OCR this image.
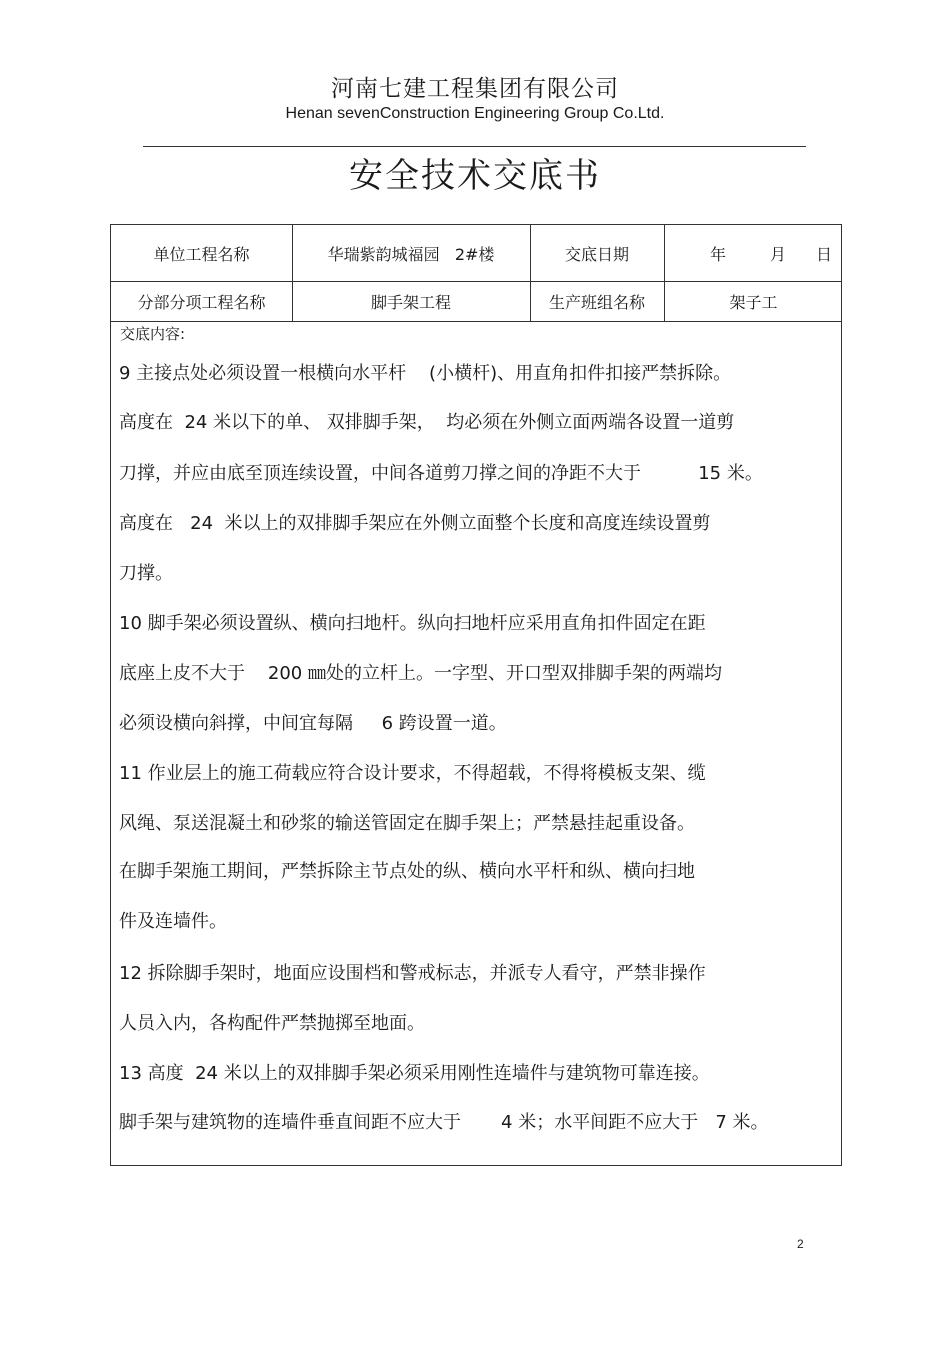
河南七建工程集团有限公司
Henan sevenConstruction Engineering Group Co.Ltd.
安全技术交底书
单位工程名称	华瑞紫韵城福园   2#楼	交底日期	年	月	日
分部分项工程名称	脚手架工程	生产班组名称	架子工
交底内容:
9 主接点处必须设置一根横向水平杆    (小横杆)、用直角扣件扣接严禁拆除。
高度在  24 米以下的单、 双排脚手架，  均必须在外侧立面两端各设置一道剪
刀撑，并应由底至顶连续设置，中间各道剪刀撑之间的净距不大于          15 米。
高度在   24  米以上的双排脚手架应在外侧立面整个长度和高度连续设置剪
刀撑。
10 脚手架必须设置纵、横向扫地杆。纵向扫地杆应采用直角扣件固定在距
底座上皮不大于    200 ㎜处的立杆上。一字型、开口型双排脚手架的两端均
必须设横向斜撑，中间宜每隔     6 跨设置一道。
11 作业层上的施工荷载应符合设计要求，不得超载，不得将模板支架、缆
风绳、泵送混凝土和砂浆的输送管固定在脚手架上；严禁悬挂起重设备。
在脚手架施工期间，严禁拆除主节点处的纵、横向水平杆和纵、横向扫地
件及连墙件。
12 拆除脚手架时，地面应设围档和警戒标志，并派专人看守，严禁非操作
人员入内，各构配件严禁抛掷至地面。
13 高度  24 米以上的双排脚手架必须采用刚性连墙件与建筑物可靠连接。
脚手架与建筑物的连墙件垂直间距不应大于       4 米；水平间距不应大于   7 米。
2
